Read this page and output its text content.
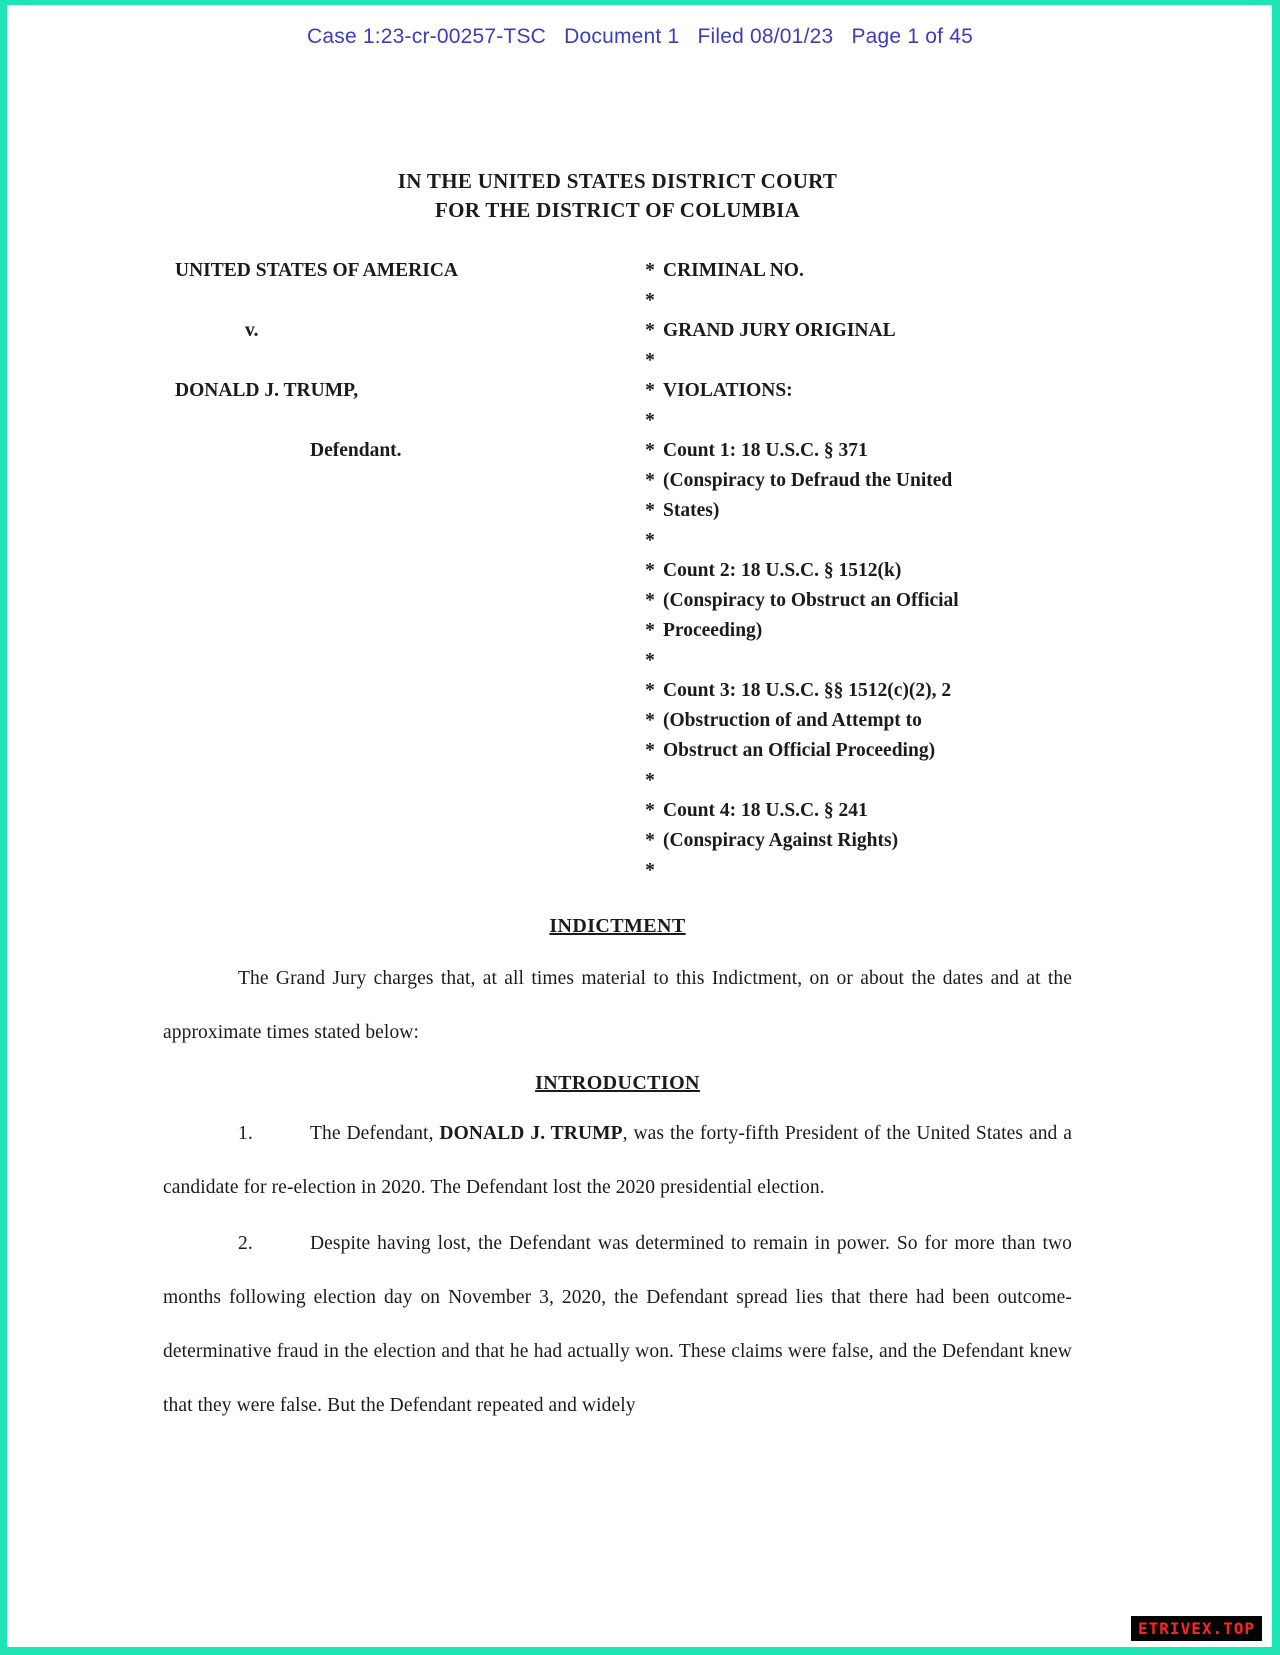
Case 1:23-cr-00257-TSC   Document 1   Filed 08/01/23   Page 1 of 45
IN THE UNITED STATES DISTRICT COURT
FOR THE DISTRICT OF COLUMBIA
UNITED STATES OF AMERICA
v.
DONALD J. TRUMP,
Defendant.
*
*
*
*
*
*
*
*
*
*
*
*
*
*
*
*
*
*
*
*
*
CRIMINAL NO.
GRAND JURY ORIGINAL
VIOLATIONS:
Count 1: 18 U.S.C. § 371
(Conspiracy to Defraud the United
States)
Count 2: 18 U.S.C. § 1512(k)
(Conspiracy to Obstruct an Official
Proceeding)
Count 3: 18 U.S.C. §§ 1512(c)(2), 2
(Obstruction of and Attempt to
Obstruct an Official Proceeding)
Count 4: 18 U.S.C. § 241
(Conspiracy Against Rights)
INDICTMENT

The Grand Jury charges that, at all times material to this Indictment, on or about the dates and at the approximate times stated below:

INTRODUCTION

1.	The Defendant, DONALD J. TRUMP, was the forty-fifth President of the United States and a candidate for re-election in 2020. The Defendant lost the 2020 presidential election.

2.	Despite having lost, the Defendant was determined to remain in power. So for more than two months following election day on November 3, 2020, the Defendant spread lies that there had been outcome-determinative fraud in the election and that he had actually won. These claims were false, and the Defendant knew that they were false. But the Defendant repeated and widely

ETRIVEX.TOP
